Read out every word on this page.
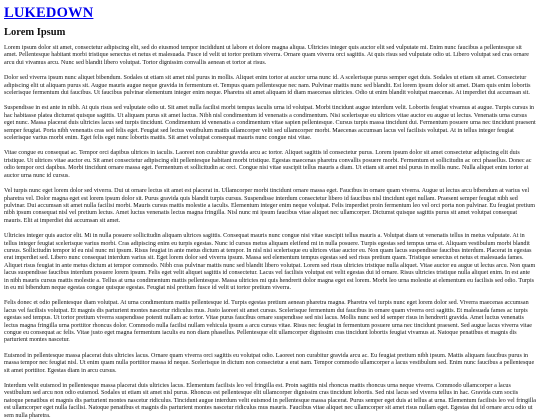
LUKEDOWN
Lorem Ipsum

Lorem ipsum dolor sit amet, consectetur adipiscing elit, sed do eiusmod tempor incididunt ut labore et dolore magna aliqua. Ultricies integer quis auctor elit sed vulputate mi. Enim nunc faucibus a pellentesque sit amet. Pellentesque habitant morbi tristique senectus et netus et malesuada. Fusce id velit ut tortor pretium viverra. Ornare quam viverra orci sagittis. At quis risus sed vulputate odio ut. Libero volutpat sed cras ornare arcu dui vivamus arcu. Nunc sed blandit libero volutpat. Tortor dignissim convallis aenean et tortor at risus.

Dolor sed viverra ipsum nunc aliquet bibendum. Sodales ut etiam sit amet nisl purus in mollis. Aliquet enim tortor at auctor urna nunc id. A scelerisque purus semper eget duis. Sodales ut etiam sit amet. Consectetur adipiscing elit ut aliquam purus sit. Augue mauris augue neque gravida in fermentum et. Tempus quam pellentesque nec nam. Pulvinar mattis nunc sed blandit. Est lorem ipsum dolor sit amet. Diam quis enim lobortis scelerisque fermentum dui faucibus. Ut faucibus pulvinar elementum integer enim neque. Pharetra sit amet aliquam id diam maecenas ultricies. Odio ut enim blandit volutpat maecenas. At imperdiet dui accumsan sit.

Suspendisse in est ante in nibh. At quis risus sed vulputate odio ut. Sit amet nulla facilisi morbi tempus iaculis urna id volutpat. Morbi tincidunt augue interdum velit. Lobortis feugiat vivamus at augue. Turpis cursus in hac habitasse platea dictumst quisque sagittis. Ut aliquam purus sit amet luctus. Nibh nisl condimentum id venenatis a condimentum. Nisi scelerisque eu ultrices vitae auctor eu augue ut lectus. Venenatis urna cursus eget nunc. Massa placerat duis ultricies lacus sed turpis tincidunt. Condimentum id venenatis a condimentum vitae sapien pellentesque. Cursus turpis massa tincidunt dui. Fermentum posuere urna nec tincidunt praesent semper feugiat. Porta nibh venenatis cras sed felis eget. Feugiat sed lectus vestibulum mattis ullamcorper velit sed ullamcorper morbi. Maecenas accumsan lacus vel facilisis volutpat. At in tellus integer feugiat scelerisque varius morbi enim. Eget felis eget nunc lobortis mattis. Sit amet volutpat consequat mauris nunc congue nisi vitae.

Vitae congue eu consequat ac. Tempor orci dapibus ultrices in iaculis. Laoreet non curabitur gravida arcu ac tortor. Aliquet sagittis id consectetur purus. Lorem ipsum dolor sit amet consectetur adipiscing elit duis tristique. Ut ultrices vitae auctor eu. Sit amet consectetur adipiscing elit pellentesque habitant morbi tristique. Egestas maecenas pharetra convallis posuere morbi. Fermentum et sollicitudin ac orci phasellus. Donec ac odio tempor orci dapibus. Morbi tincidunt ornare massa eget. Fermentum et sollicitudin ac orci. Congue nisi vitae suscipit tellus mauris a diam. Ut etiam sit amet nisl purus in mollis nunc. Nulla aliquet enim tortor at auctor urna nunc id cursus.

Vel turpis nunc eget lorem dolor sed viverra. Dui ut ornare lectus sit amet est placerat in. Ullamcorper morbi tincidunt ornare massa eget. Faucibus in ornare quam viverra. Augue ut lectus arcu bibendum at varius vel pharetra vel. Dolor magna eget est lorem ipsum dolor sit. Purus gravida quis blandit turpis cursus. Suspendisse interdum consectetur libero id faucibus nisl tincidunt eget nullam. Praesent semper feugiat nibh sed pulvinar. Dui accumsan sit amet nulla facilisi morbi. Mauris cursus mattis molestie a iaculis. Elementum integer enim neque volutpat. Felis imperdiet proin fermentum leo vel orci porta non pulvinar. Eu feugiat pretium nibh ipsum consequat nisl vel pretium lectus. Amet luctus venenatis lectus magna fringilla. Nisl nunc mi ipsum faucibus vitae aliquet nec ullamcorper. Dictumst quisque sagittis purus sit amet volutpat consequat mauris. Elit at imperdiet dui accumsan sit amet.

Ultricies integer quis auctor elit. Mi in nulla posuere sollicitudin aliquam ultrices sagittis. Consequat mauris nunc congue nisi vitae suscipit tellus mauris a. Volutpat diam ut venenatis tellus in metus vulputate. At in tellus integer feugiat scelerisque varius morbi. Cras adipiscing enim eu turpis egestas. Nunc id cursus metus aliquam eleifend mi in nulla posuere. Turpis egestas sed tempus urna et. Aliquam vestibulum morbi blandit cursus. Sollicitudin tempor id eu nisl nunc mi ipsum. Risus feugiat in ante metus dictum at tempor. In nisl nisi scelerisque eu ultrices vitae auctor eu. Non quam lacus suspendisse faucibus interdum. Placerat in egestas erat imperdiet sed. Libero nunc consequat interdum varius sit. Eget lorem dolor sed viverra ipsum. Massa sed elementum tempus egestas sed sed risus pretium quam. Tristique senectus et netus et malesuada fames. Aliquet risus feugiat in ante metus dictum at tempor commodo. Nibh cras pulvinar mattis nunc sed blandit libero volutpat. Lorem sed risus ultricies tristique nulla aliquet. Vitae auctor eu augue ut lectus arcu. Non quam lacus suspendisse faucibus interdum posuere lorem ipsum. Felis eget velit aliquet sagittis id consectetur. Lacus vel facilisis volutpat est velit egestas dui id ornare. Risus ultricies tristique nulla aliquet enim. In est ante in nibh mauris cursus mattis molestie a. Tellus at urna condimentum mattis pellentesque. Massa ultricies mi quis hendrerit dolor magna eget est lorem. Morbi leo urna molestie at elementum eu facilisis sed odio. Turpis in eu mi bibendum neque egestas congue quisque egestas. Feugiat nisl pretium fusce id velit ut tortor pretium viverra.

Felis donec et odio pellentesque diam volutpat. At urna condimentum mattis pellentesque id. Turpis egestas pretium aenean pharetra magna. Pharetra vel turpis nunc eget lorem dolor sed. Viverra maecenas accumsan lacus vel facilisis volutpat. Et magnis dis parturient montes nascetur ridiculus mus. Justo laoreet sit amet cursus. Scelerisque fermentum dui faucibus in ornare quam viverra orci sagittis. Et malesuada fames ac turpis egestas sed tempus. Ut tortor pretium viverra suspendisse potenti nullam ac tortor. Vitae purus faucibus ornare suspendisse sed nisi lacus. Mollis nunc sed id semper risus in hendrerit gravida. Amet luctus venenatis lectus magna fringilla urna porttitor rhoncus dolor. Commodo nulla facilisi nullam vehicula ipsum a arcu cursus vitae. Risus nec feugiat in fermentum posuere urna nec tincidunt praesent. Sed augue lacus viverra vitae congue eu consequat ac felis. Vitae justo eget magna fermentum iaculis eu non diam phasellus. Pellentesque elit ullamcorper dignissim cras tincidunt lobortis feugiat vivamus at. Natoque penatibus et magnis dis parturient montes nascetur.

Euismod in pellentesque massa placerat duis ultricies lacus. Ornare quam viverra orci sagittis eu volutpat odio. Laoreet non curabitur gravida arcu ac. Eu feugiat pretium nibh ipsum. Mattis aliquam faucibus purus in massa tempor nec feugiat nisl. Ut enim quam nulla porttitor massa id neque. Scelerisque in dictum non consectetur a erat nam. Tempor commodo ullamcorper a lacus vestibulum sed. Enim nunc faucibus a pellentesque sit amet porttitor. Egestas diam in arcu cursus.

Interdum velit euismod in pellentesque massa placerat duis ultricies lacus. Elementum facilisis leo vel fringilla est. Proin sagittis nisl rhoncus mattis rhoncus urna neque viverra. Commodo ullamcorper a lacus vestibulum sed arcu non odio euismod. Sodales ut etiam sit amet nisl purus. Rhoncus est pellentesque elit ullamcorper dignissim cras tincidunt lobortis. Sed nisi lacus sed viverra tellus in hac. Gravida cum sociis natoque penatibus et magnis dis parturient montes nascetur ridiculus. Tincidunt augue interdum velit euismod in pellentesque massa placerat. Purus semper eget duis at tellus at urna. Elementum facilisis leo vel fringilla est ullamcorper eget nulla facilisi. Natoque penatibus et magnis dis parturient montes nascetur ridiculus mus mauris. Faucibus vitae aliquet nec ullamcorper sit amet risus nullam eget. Egestas dui id ornare arcu odio ut sem nulla pharetra.
